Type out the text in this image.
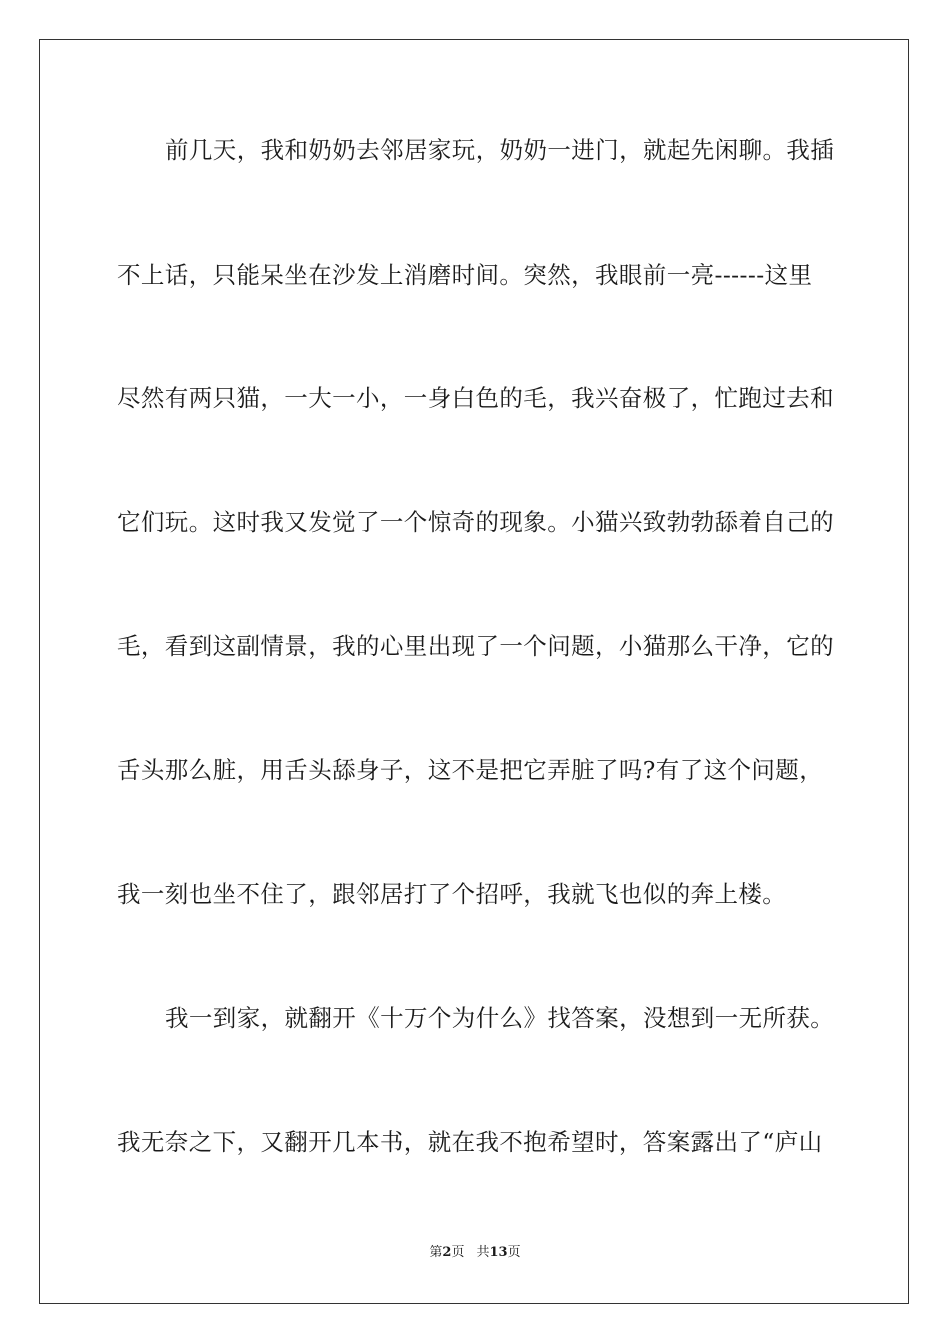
前几天，我和奶奶去邻居家玩，奶奶一进门，就起先闲聊。我插
不上话，只能呆坐在沙发上消磨时间。突然，我眼前一亮------这里
尽然有两只猫，一大一小，一身白色的毛，我兴奋极了，忙跑过去和
它们玩。这时我又发觉了一个惊奇的现象。小猫兴致勃勃舔着自己的
毛，看到这副情景，我的心里出现了一个问题，小猫那么干净，它的
舌头那么脏，用舌头舔身子，这不是把它弄脏了吗?有了这个问题，
我一刻也坐不住了，跟邻居打了个招呼，我就飞也似的奔上楼。
我一到家，就翻开《十万个为什么》找答案，没想到一无所获。
我无奈之下，又翻开几本书，就在我不抱希望时，答案露出了“庐山
第2页 共13页
